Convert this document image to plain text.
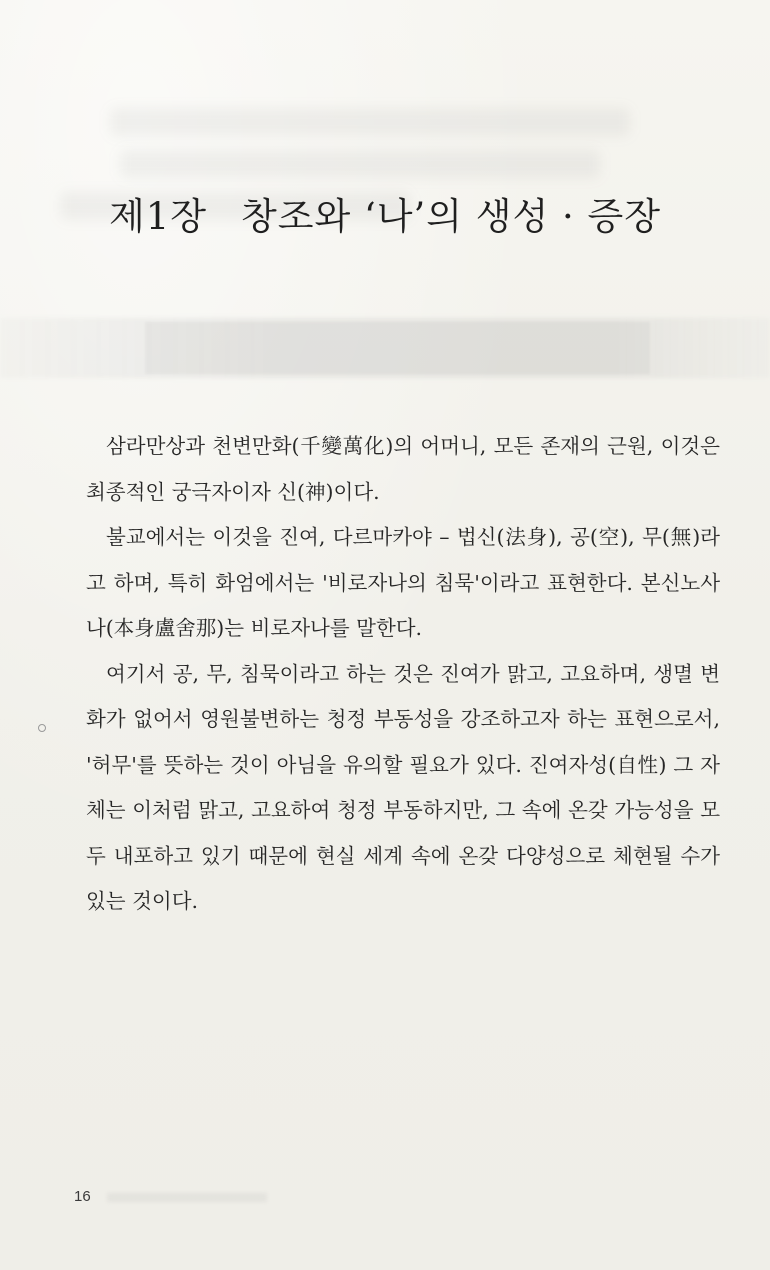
제1장 창조와 ‘나’의 생성 · 증장

삼라만상과 천변만화(千變萬化)의 어머니, 모든 존재의 근원, 이것은 최종적인 궁극자이자 신(神)이다.

불교에서는 이것을 진여, 다르마카야 – 법신(法身), 공(空), 무(無)라고 하며, 특히 화엄에서는 '비로자나의 침묵'이라고 표현한다. 본신노사나(本身盧舍那)는 비로자나를 말한다.

여기서 공, 무, 침묵이라고 하는 것은 진여가 맑고, 고요하며, 생멸 변화가 없어서 영원불변하는 청정 부동성을 강조하고자 하는 표현으로서, '허무'를 뜻하는 것이 아님을 유의할 필요가 있다. 진여자성(自性) 그 자체는 이처럼 맑고, 고요하여 청정 부동하지만, 그 속에 온갖 가능성을 모두 내포하고 있기 때문에 현실 세계 속에 온갖 다양성으로 체현될 수가 있는 것이다.

16
